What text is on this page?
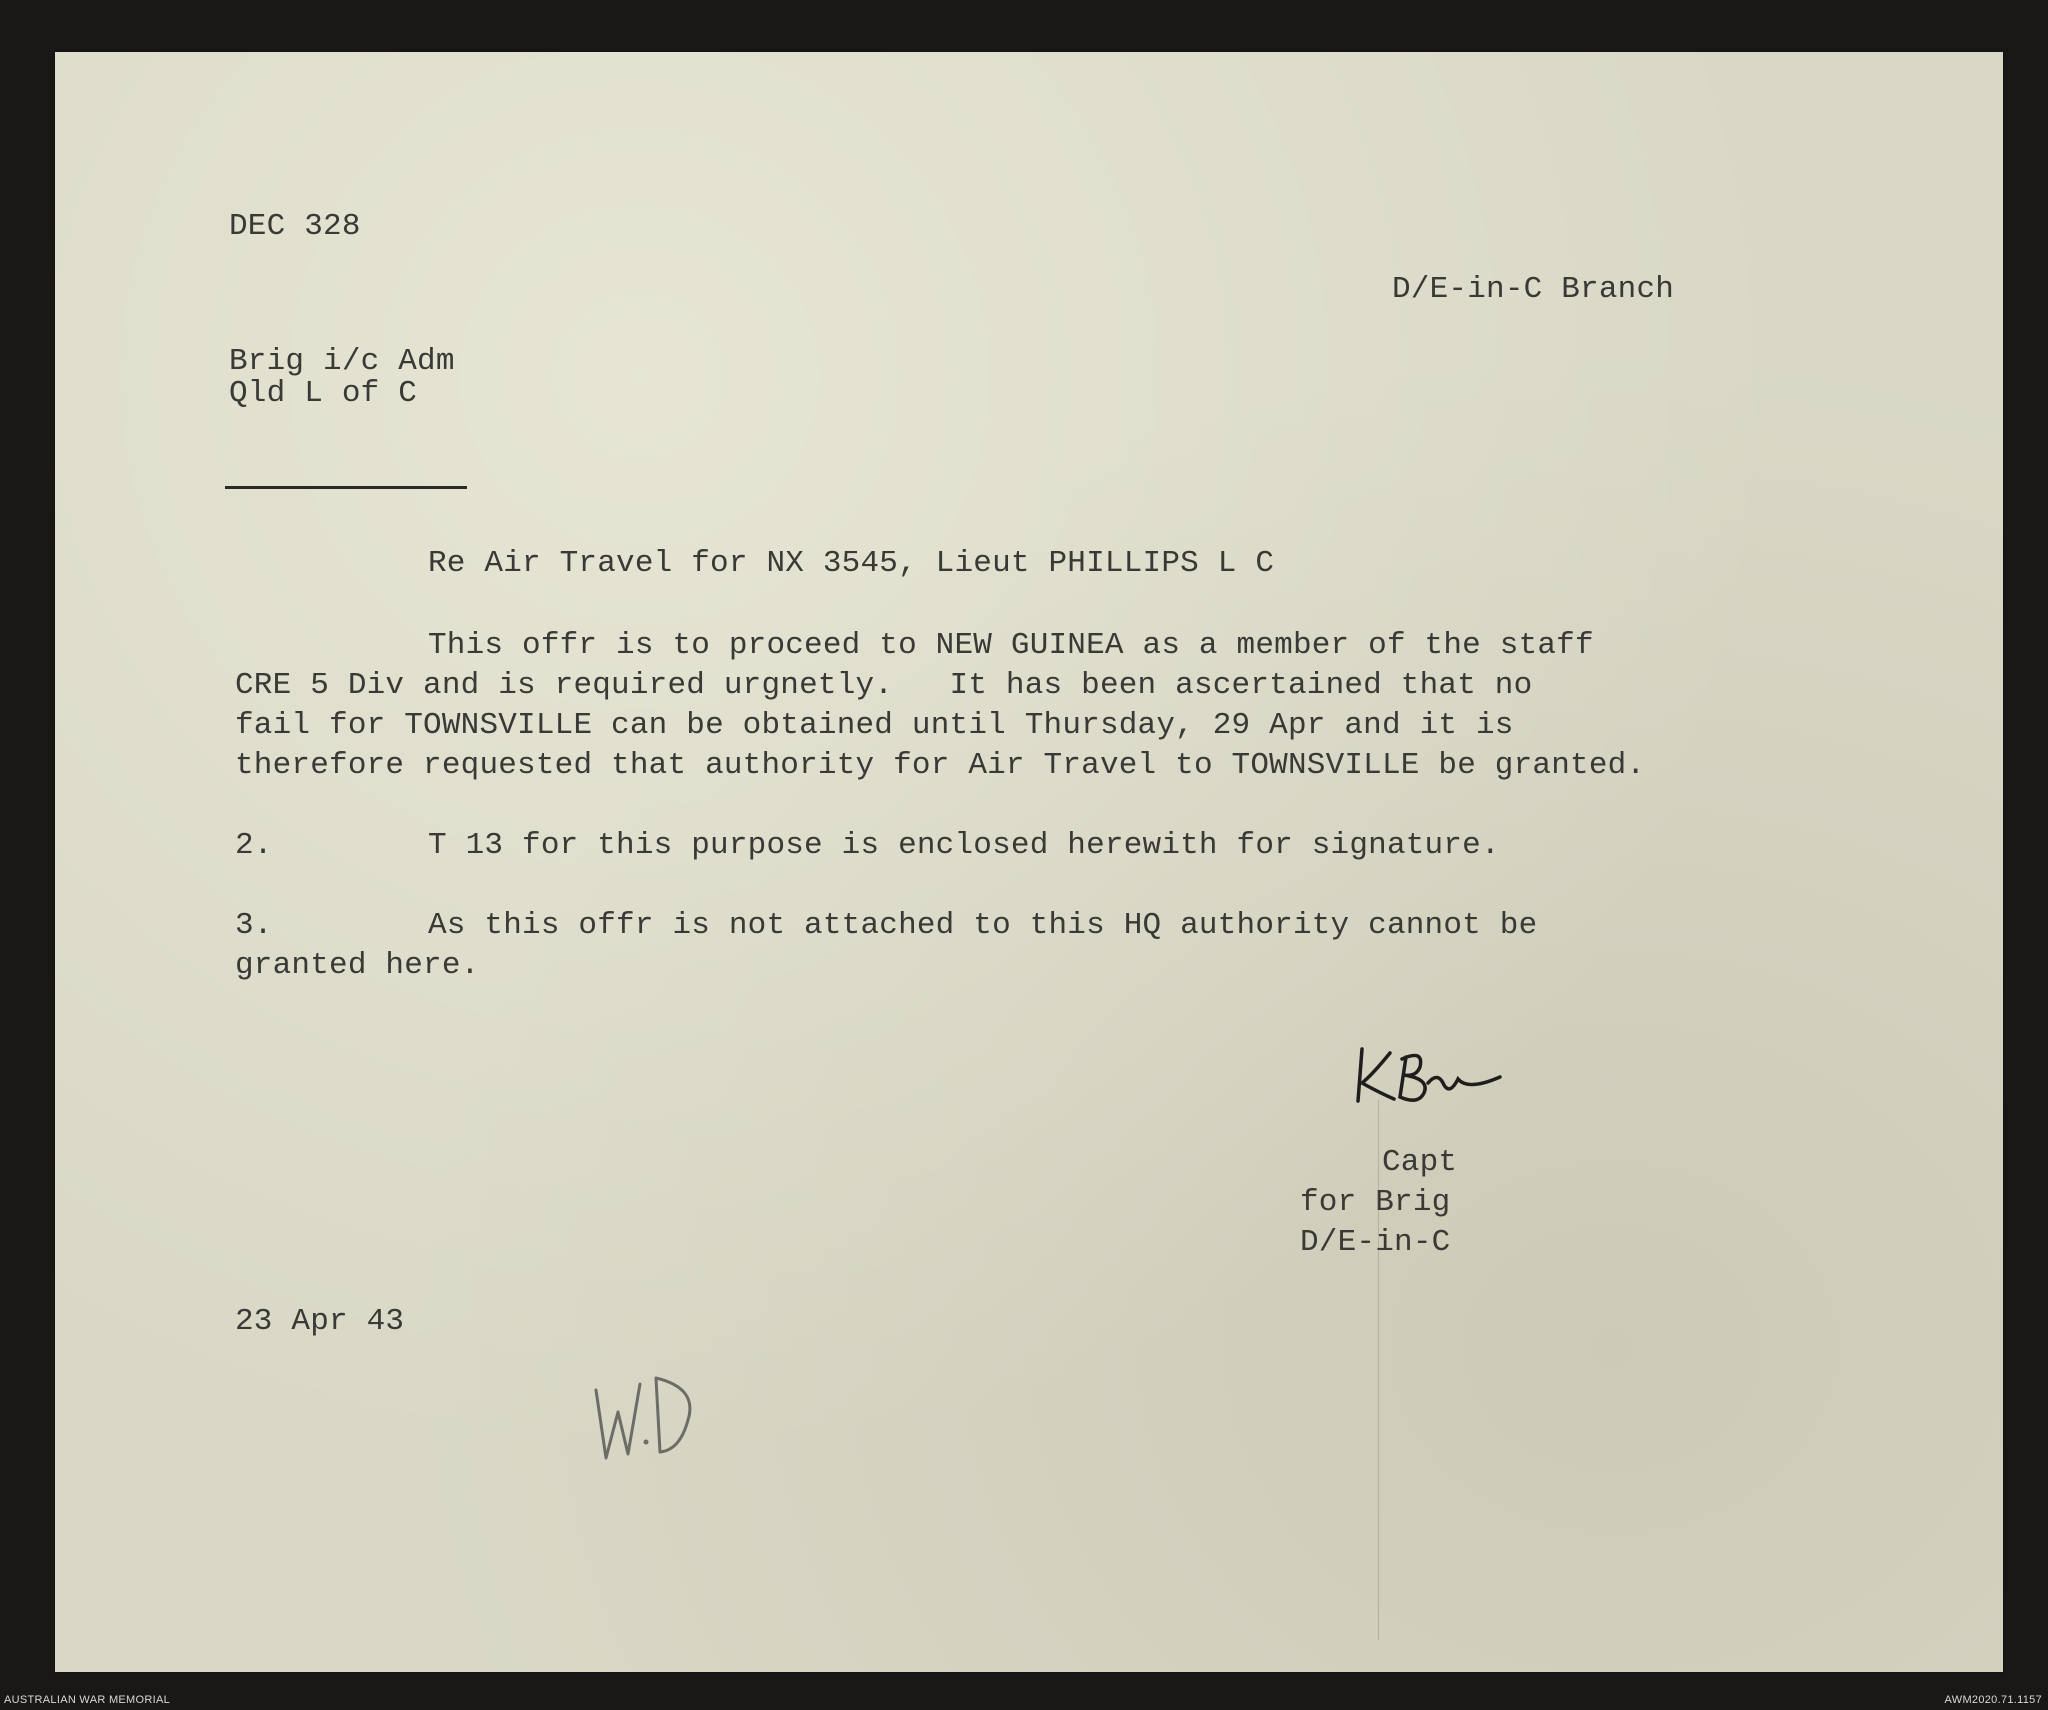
DEC 328
D/E-in-C Branch
Brig i/c Adm
Qld L of C
Re Air Travel for NX 3545, Lieut PHILLIPS L C
This offr is to proceed to NEW GUINEA as a member of the staff
CRE 5 Div and is required urgnetly.   It has been ascertained that no
fail for TOWNSVILLE can be obtained until Thursday, 29 Apr and it is
therefore requested that authority for Air Travel to TOWNSVILLE be granted.
2.	T 13 for this purpose is enclosed herewith for signature.
3.	As this offr is not attached to this HQ authority cannot be
granted here.
Capt
for Brig
D/E-in-C
23 Apr 43
AUSTRALIAN WAR MEMORIAL	AWM2020.71.1157
